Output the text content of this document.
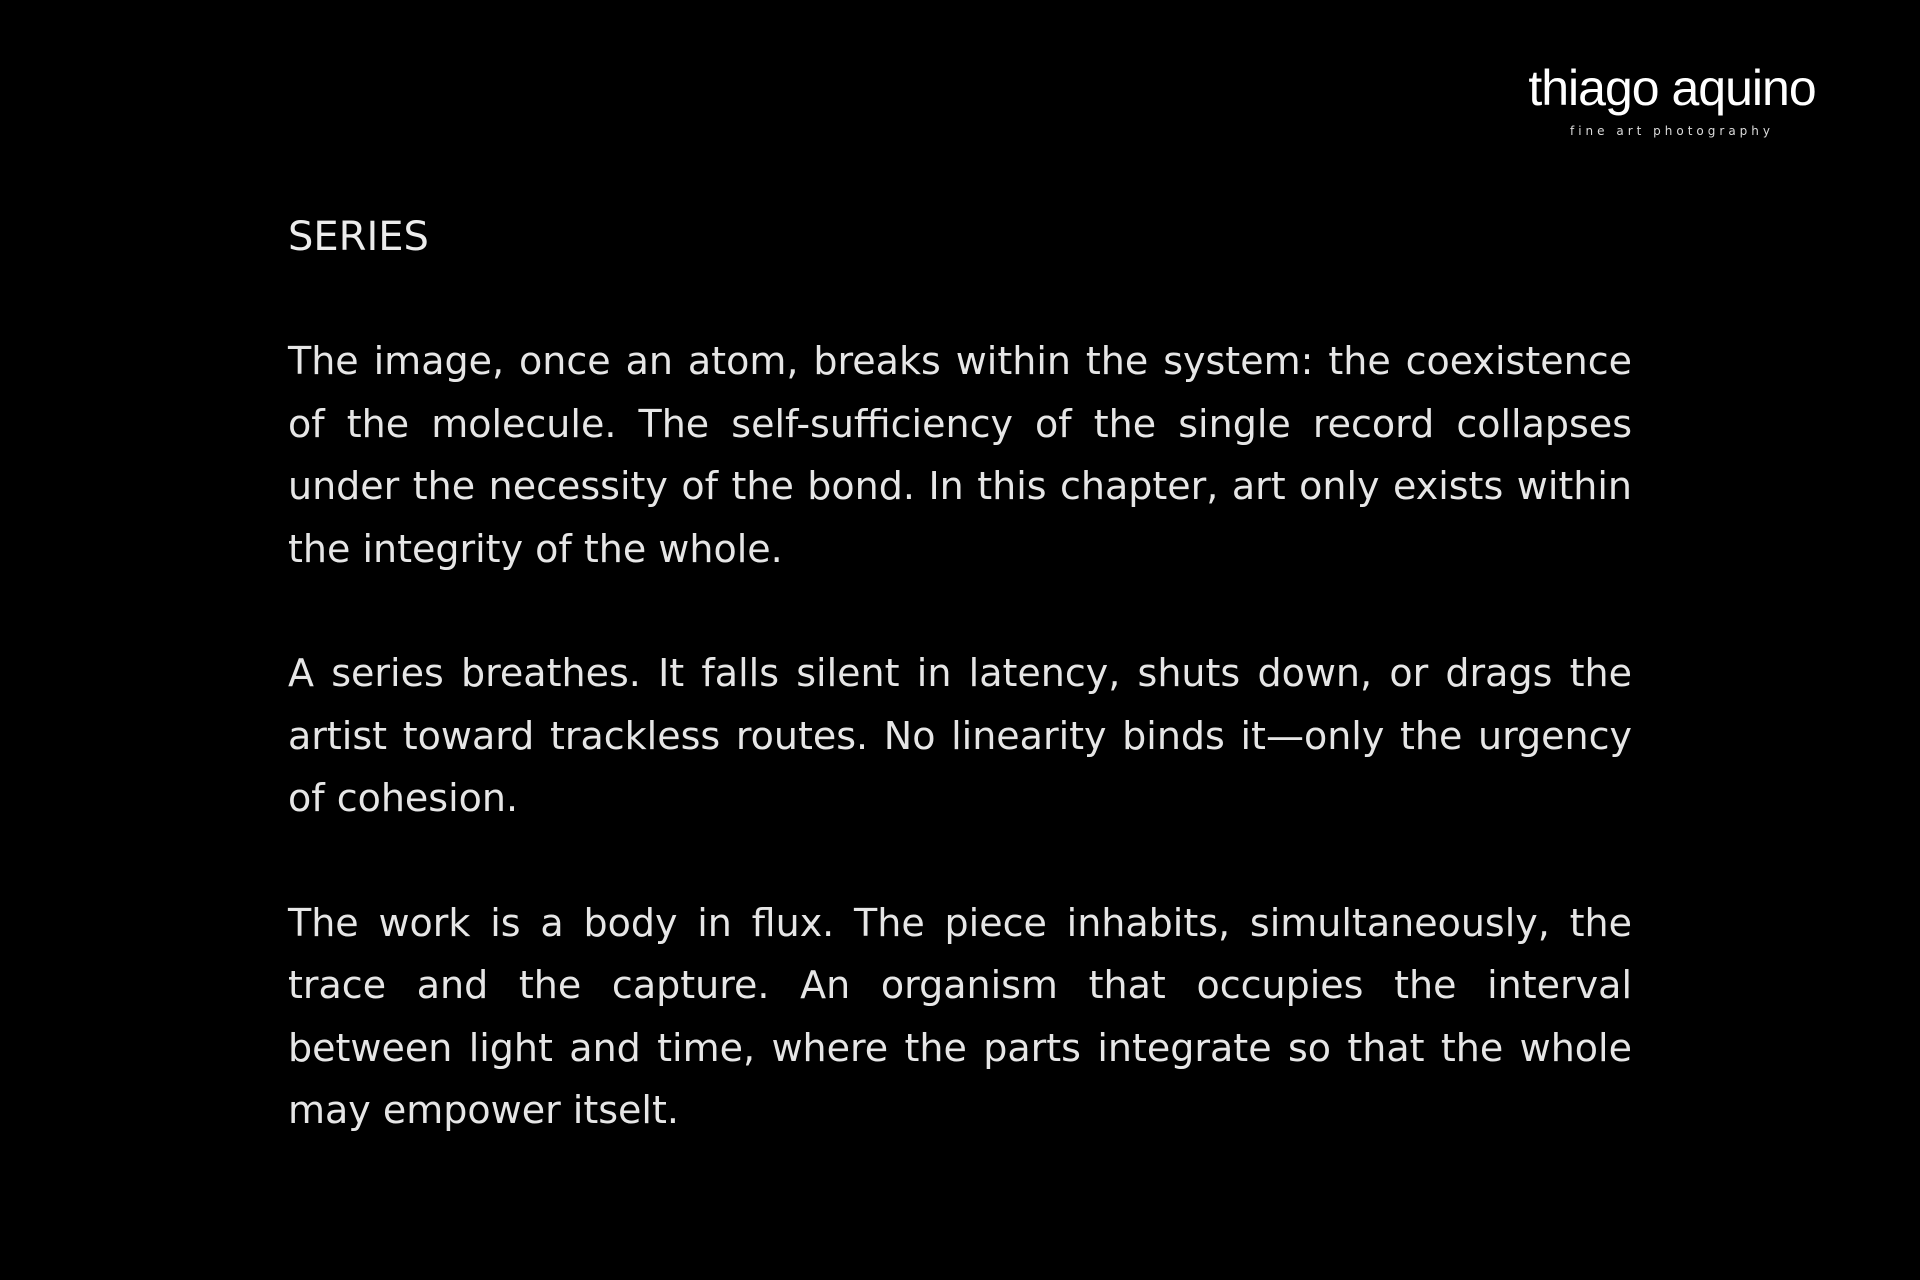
thiago aquino
fine art photography
SERIES

The image, once an atom, breaks within the system: the coexistence of the molecule. The self-sufficiency of the single record collapses under the necessity of the bond. In this chapter, art only exists within the integrity of the whole.

A series breathes. It falls silent in latency, shuts down, or drags the artist toward trackless routes. No linearity binds it—only the urgency of cohesion.

The work is a body in flux. The piece inhabits, simultaneously, the trace and the capture. An organism that occupies the interval between light and time, where the parts integrate so that the whole may empower itselt.
